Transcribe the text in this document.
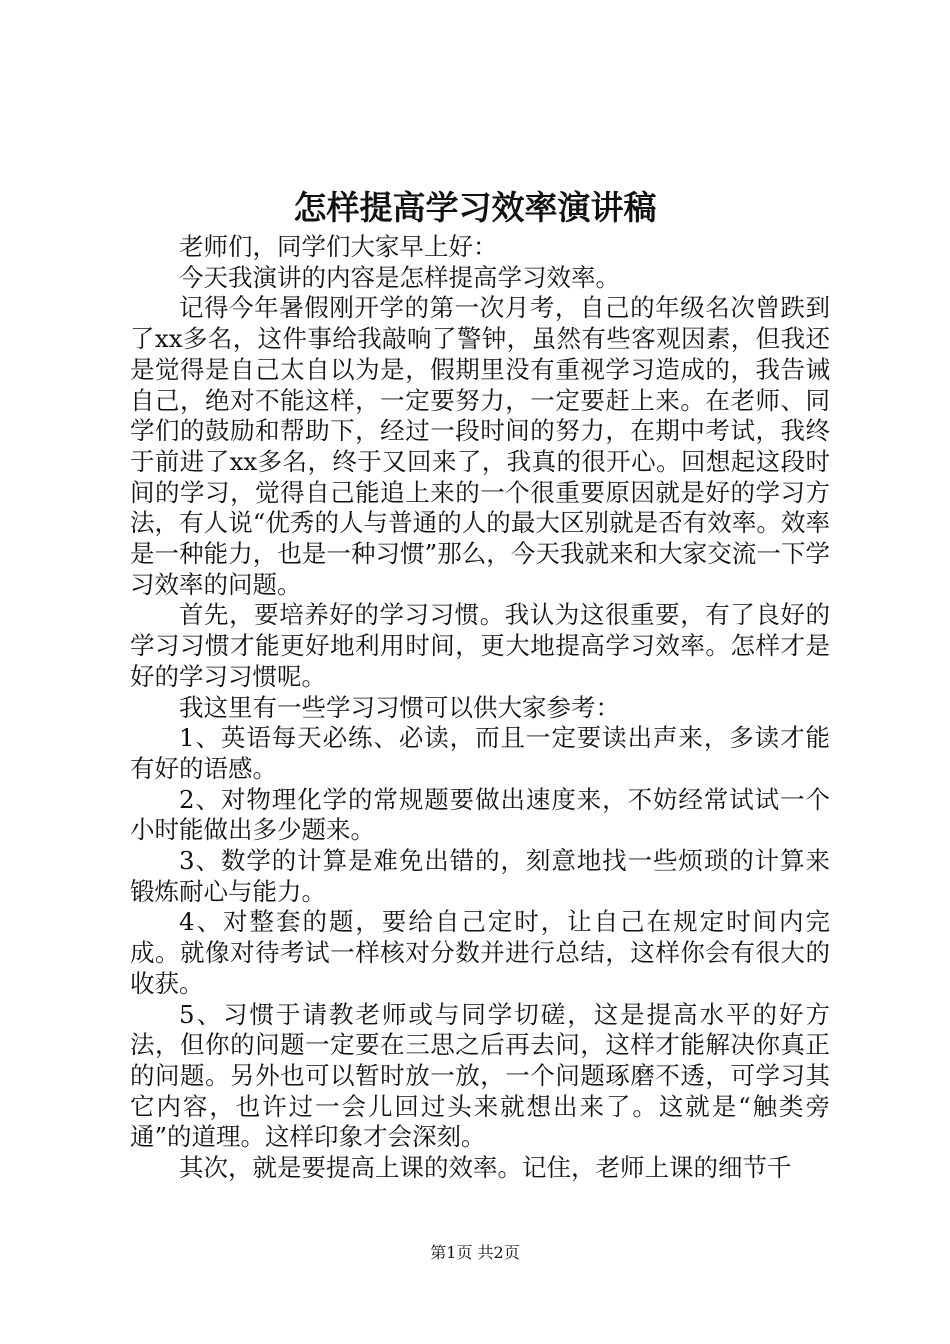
怎样提高学习效率演讲稿

老师们，同学们大家早上好：

今天我演讲的内容是怎样提高学习效率。

记得今年暑假刚开学的第一次月考，自己的年级名次曾跌到了xx多名，这件事给我敲响了警钟，虽然有些客观因素，但我还是觉得是自己太自以为是，假期里没有重视学习造成的，我告诫自己，绝对不能这样，一定要努力，一定要赶上来。在老师、同学们的鼓励和帮助下，经过一段时间的努力，在期中考试，我终于前进了xx多名，终于又回来了，我真的很开心。回想起这段时间的学习，觉得自己能追上来的一个很重要原因就是好的学习方法，有人说“优秀的人与普通的人的最大区别就是否有效率。效率是一种能力，也是一种习惯”那么，今天我就来和大家交流一下学习效率的问题。

首先，要培养好的学习习惯。我认为这很重要，有了良好的学习习惯才能更好地利用时间，更大地提高学习效率。怎样才是好的学习习惯呢。

我这里有一些学习习惯可以供大家参考：

1、英语每天必练、必读，而且一定要读出声来，多读才能有好的语感。

2、对物理化学的常规题要做出速度来，不妨经常试试一个小时能做出多少题来。

3、数学的计算是难免出错的，刻意地找一些烦琐的计算来锻炼耐心与能力。

4、对整套的题，要给自己定时，让自己在规定时间内完成。就像对待考试一样核对分数并进行总结，这样你会有很大的收获。

5、习惯于请教老师或与同学切磋，这是提高水平的好方法，但你的问题一定要在三思之后再去问，这样才能解决你真正的问题。另外也可以暂时放一放，一个问题琢磨不透，可学习其它内容，也许过一会儿回过头来就想出来了。这就是“触类旁通”的道理。这样印象才会深刻。

其次，就是要提高上课的效率。记住，老师上课的细节千

第1页 共2页
